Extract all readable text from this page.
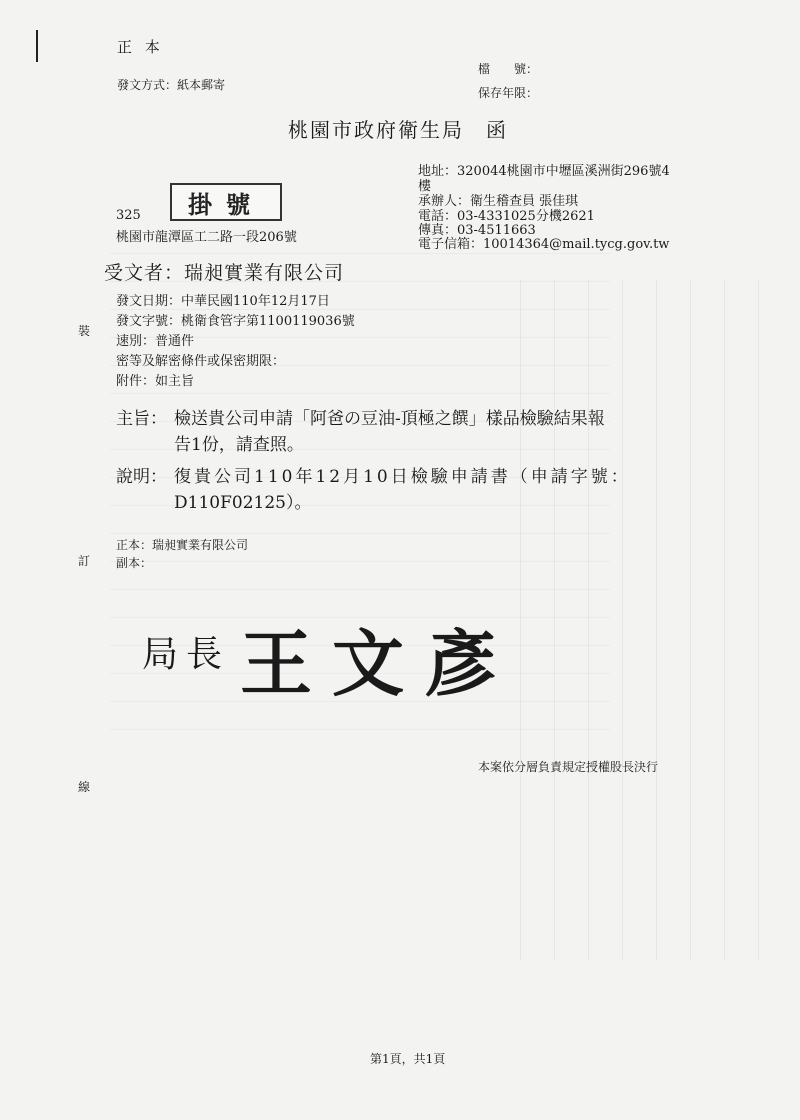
正 本
發文方式：紙本郵寄
檔　　號：
保存年限：
桃園市政府衛生局　函
地址：320044桃園市中壢區溪洲街296號4
樓
承辦人：衛生稽查員 張佳琪
電話：03-4331025分機2621
傳真：03-4511663
電子信箱：10014364@mail.tycg.gov.tw
掛號
325
桃園市龍潭區工二路一段206號
受文者：瑞昶實業有限公司
發文日期：中華民國110年12月17日
發文字號：桃衛食管字第1100119036號
速別：普通件
密等及解密條件或保密期限：
附件：如主旨
主旨： 檢送貴公司申請「阿爸の豆油-頂極之饌」樣品檢驗結果報
告1份，請查照。
說明： 復貴公司110年12月10日檢驗申請書（申請字號：
D110F02125）。
正本：瑞昶實業有限公司
副本：
局長 王文彥
本案依分層負責規定授權股長決行
裝
訂
線
第1頁，共1頁
